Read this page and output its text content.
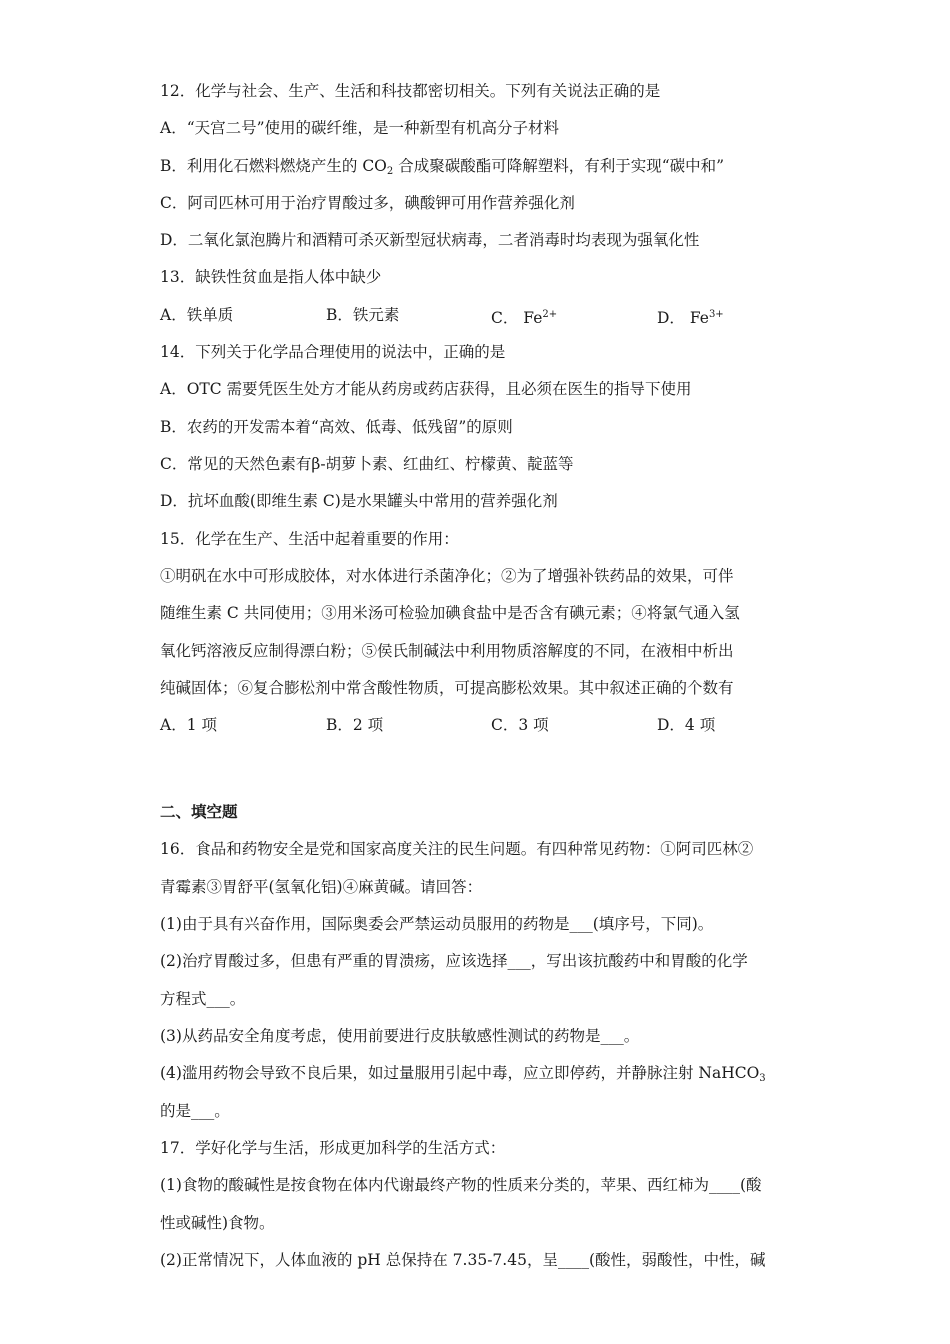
12．化学与社会、生产、生活和科技都密切相关。下列有关说法正确的是
A．“天宫二号”使用的碳纤维，是一种新型有机高分子材料
B．利用化石燃料燃烧产生的 $CO_2$ 合成聚碳酸酯可降解塑料，有利于实现“碳中和”
C．阿司匹林可用于治疗胃酸过多，碘酸钾可用作营养强化剂
D．二氧化氯泡腾片和酒精可杀灭新型冠状病毒，二者消毒时均表现为强氧化性
13．缺铁性贫血是指人体中缺少
A．铁单质	B．铁元素	C． $Fe^{2+}$	D． $Fe^{3+}$
14．下列关于化学品合理使用的说法中，正确的是
A．OTC 需要凭医生处方才能从药房或药店获得，且必须在医生的指导下使用
B．农药的开发需本着“高效、低毒、低残留”的原则
C．常见的天然色素有β-胡萝卜素、红曲红、柠檬黄、靛蓝等
D．抗坏血酸(即维生素 C)是水果罐头中常用的营养强化剂
15．化学在生产、生活中起着重要的作用：
①明矾在水中可形成胶体，对水体进行杀菌净化；②为了增强补铁药品的效果，可伴
随维生素 C 共同使用；③用米汤可检验加碘食盐中是否含有碘元素；④将氯气通入氢
氧化钙溶液反应制得漂白粉；⑤侯氏制碱法中利用物质溶解度的不同，在液相中析出
纯碱固体；⑥复合膨松剂中常含酸性物质，可提高膨松效果。其中叙述正确的个数有
A．1 项	B．2 项	C．3 项	D．4 项
二、填空题
16．食品和药物安全是党和国家高度关注的民生问题。有四种常见药物：①阿司匹林②
青霉素③胃舒平(氢氧化铝)④麻黄碱。请回答：
(1)由于具有兴奋作用，国际奥委会严禁运动员服用的药物是___(填序号，下同)。
(2)治疗胃酸过多，但患有严重的胃溃疡，应该选择___，写出该抗酸药中和胃酸的化学
方程式___。
(3)从药品安全角度考虑，使用前要进行皮肤敏感性测试的药物是___。
(4)滥用药物会导致不良后果，如过量服用引起中毒，应立即停药，并静脉注射 NaHCO$_3$
的是___。
17．学好化学与生活，形成更加科学的生活方式：
(1)食物的酸碱性是按食物在体内代谢最终产物的性质来分类的，苹果、西红柿为____(酸
性或碱性)食物。
(2)正常情况下，人体血液的 pH 总保持在 7.35-7.45，呈____(酸性，弱酸性，中性，碱
